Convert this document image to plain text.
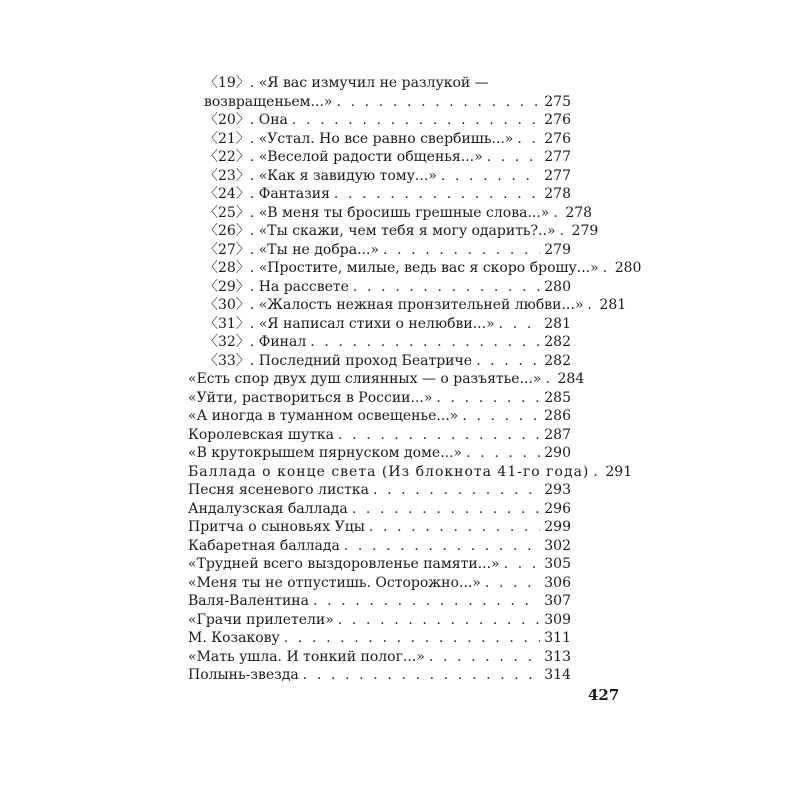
〈19〉. «Я вас измучил не разлукой —
возвращеньем...» . . .	275
〈20〉. Она . . .	276
〈21〉. «Устал. Но все равно свербишь...» . . . 276
〈22〉. «Веселой радости общенья...» . . .	277
〈23〉. «Как я завидую тому...» . . .	277
〈24〉. Фантазия . . .	278
〈25〉. «В меня ты бросишь грешные слова...» . . . 278
〈26〉. «Ты скажи, чем тебя я могу одарить?..» . . . 279
〈27〉. «Ты не добра...» . . .	279
〈28〉. «Простите, милые, ведь вас я скоро брошу...» . . . 280
〈29〉. На рассвете . . .	280
〈30〉. «Жалость нежная пронзительней любви...» . . . 281
〈31〉. «Я написал стихи о нелюбви...» . . .	281
〈32〉. Финал . . .	282
〈33〉. Последний проход Беатриче . . .	282
«Есть спор двух душ слиянных — о разъятье...» . . . 284
«Уйти, раствориться в России...» . . .	285
«А иногда в туманном освещенье...» . . .	286
Королевская шутка . . .	287
«В крутокрышем пярнуском доме...» . . .	290
Баллада о конце света (Из блокнота 41-го года) . . . 291
Песня ясеневого листка . . .	293
Андалузская баллада . . .	296
Притча о сыновьях Уцы . . .	299
Кабаретная баллада . . .	302
«Трудней всего выздоровленье памяти...» . . .	305
«Меня ты не отпустишь. Осторожно...» . . .	306
Валя-Валентина . . .	307
«Грачи прилетели» . . .	309
М. Козакову . . .	311
«Мать ушла. И тонкий полог...» . . .	313
Полынь-звезда . . .	314
427
